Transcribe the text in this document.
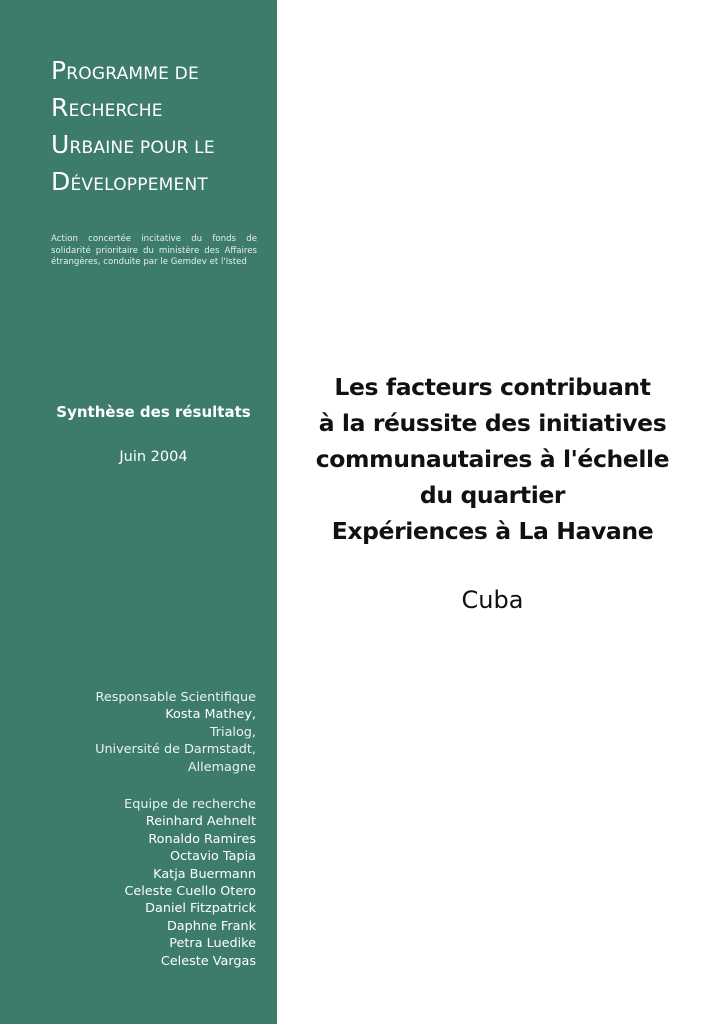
PROGRAMME DE
RECHERCHE
URBAINE POUR LE
DÉVELOPPEMENT
Action concertée incitative du fonds de solidarité prioritaire du ministère des Affaires étrangères, conduite par le Gemdev et l'Isted
Synthèse des résultats
Juin 2004
Responsable Scientifique
Kosta Mathey,
Trialog,
Université de Darmstadt,
Allemagne
Equipe de recherche
Reinhard Aehnelt
Ronaldo Ramires
Octavio Tapia
Katja Buermann
Celeste Cuello Otero
Daniel Fitzpatrick
Daphne Frank
Petra Luedike
Celeste Vargas
Les facteurs contribuant
à la réussite des initiatives
communautaires à l'échelle
du quartier
Expériences à La Havane
Cuba
